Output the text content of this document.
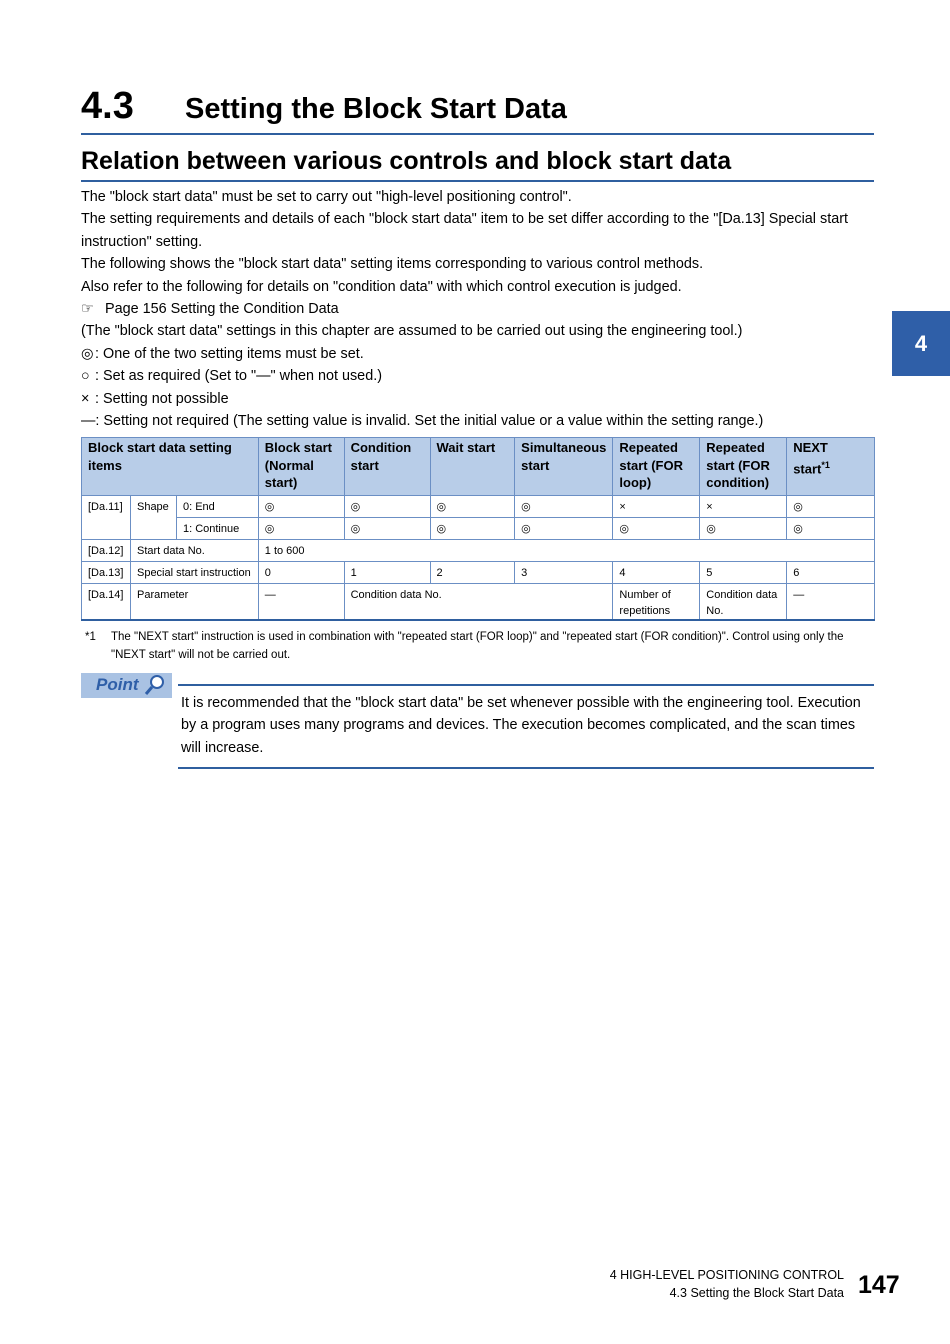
4.3 Setting the Block Start Data
Relation between various controls and block start data
4

The "block start data" must be set to carry out "high-level positioning control".

The setting requirements and details of each "block start data" item to be set differ according to the "[Da.13] Special start instruction" setting.

The following shows the "block start data" setting items corresponding to various control methods.

Also refer to the following for details on "condition data" with which control execution is judged.

☞ Page 156 Setting the Condition Data

(The "block start data" settings in this chapter are assumed to be carried out using the engineering tool.)

◎: One of the two setting items must be set.

○ : Set as required (Set to "—" when not used.)

× : Setting not possible

—: Setting not required (The setting value is invalid. Set the initial value or a value within the setting range.)

Block start data setting items			Block start (Normal start)	Condition start	Wait start	Simultaneous start	Repeated start (FOR loop)	Repeated start (FOR condition)	NEXT start$^{*1}$
[Da.11]	Shape	0: End	◎	◎	◎	◎	×	×	◎
		1: Continue	◎	◎	◎	◎	◎	◎	◎
[Da.12]	Start data No.		1 to 600						
[Da.13]	Special start instruction		0	1	2	3	4	5	6
[Da.14]	Parameter		—	Condition data No.			Number of repetitions	Condition data No.	—
*1 The "NEXT start" instruction is used in combination with "repeated start (FOR loop)" and "repeated start (FOR condition)". Control using only the "NEXT start" will not be carried out.
Point
It is recommended that the "block start data" be set whenever possible with the engineering tool. Execution by a program uses many programs and devices. The execution becomes complicated, and the scan times will increase.
4 HIGH-LEVEL POSITIONING CONTROL
4.3 Setting the Block Start Data 147
